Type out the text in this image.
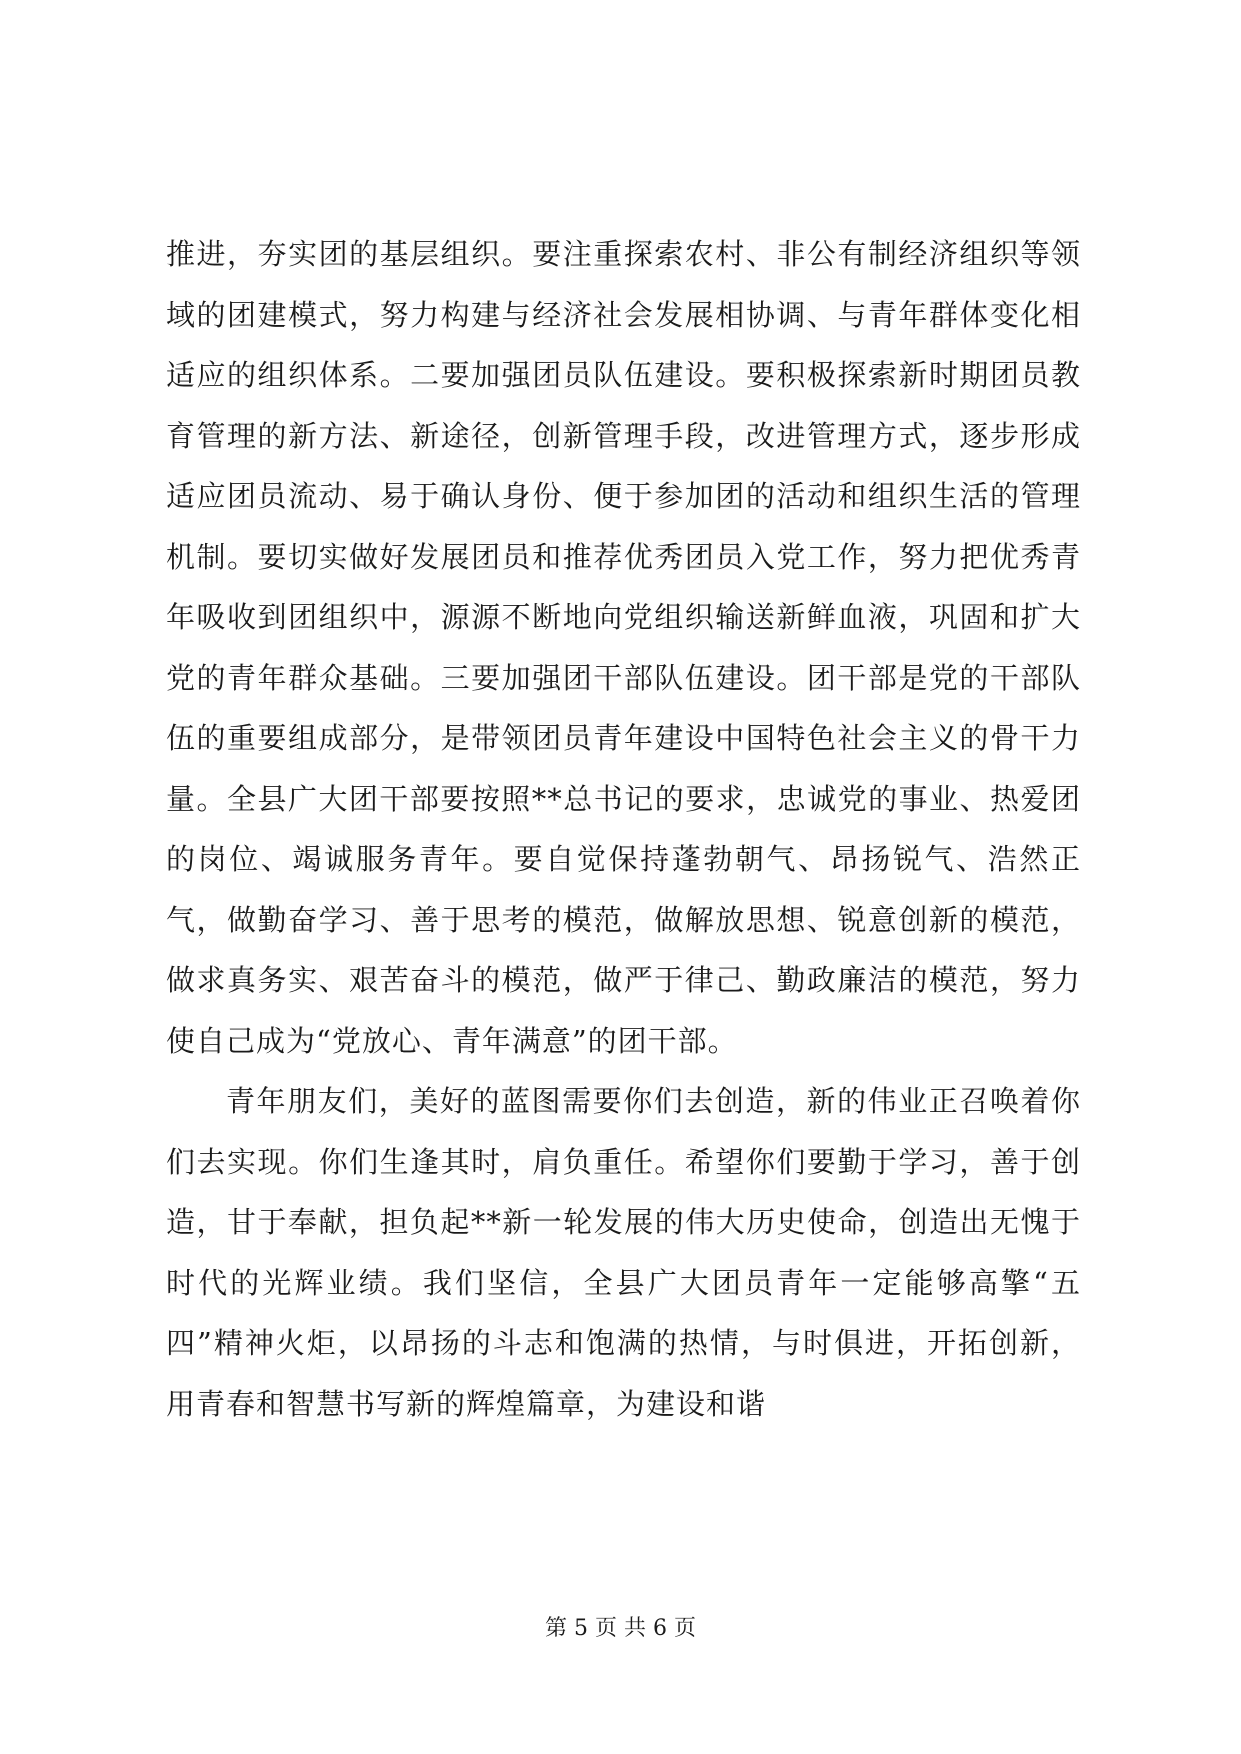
推进，夯实团的基层组织。要注重探索农村、非公有制经济组织等领域的团建模式，努力构建与经济社会发展相协调、与青年群体变化相适应的组织体系。二要加强团员队伍建设。要积极探索新时期团员教育管理的新方法、新途径，创新管理手段，改进管理方式，逐步形成适应团员流动、易于确认身份、便于参加团的活动和组织生活的管理机制。要切实做好发展团员和推荐优秀团员入党工作，努力把优秀青年吸收到团组织中，源源不断地向党组织输送新鲜血液，巩固和扩大党的青年群众基础。三要加强团干部队伍建设。团干部是党的干部队伍的重要组成部分，是带领团员青年建设中国特色社会主义的骨干力量。全县广大团干部要按照**总书记的要求，忠诚党的事业、热爱团的岗位、竭诚服务青年。要自觉保持蓬勃朝气、昂扬锐气、浩然正气，做勤奋学习、善于思考的模范，做解放思想、锐意创新的模范，做求真务实、艰苦奋斗的模范，做严于律己、勤政廉洁的模范，努力使自己成为“党放心、青年满意”的团干部。

青年朋友们，美好的蓝图需要你们去创造，新的伟业正召唤着你们去实现。你们生逢其时，肩负重任。希望你们要勤于学习，善于创造，甘于奉献，担负起**新一轮发展的伟大历史使命，创造出无愧于时代的光辉业绩。我们坚信，全县广大团员青年一定能够高擎“五四”精神火炬，以昂扬的斗志和饱满的热情，与时俱进，开拓创新，用青春和智慧书写新的辉煌篇章，为建设和谐

第 5 页 共 6 页
